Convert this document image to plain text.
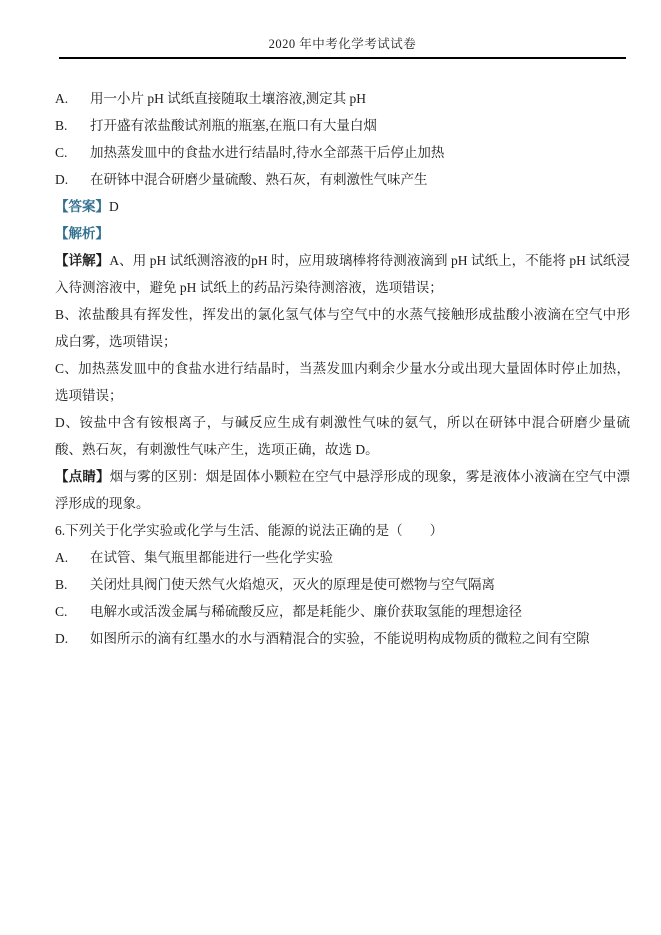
2020 年中考化学考试试卷
A. 用一小片 pH 试纸直接随取土壤溶液,测定其 pH
B. 打开盛有浓盐酸试剂瓶的瓶塞,在瓶口有大量白烟
C. 加热蒸发皿中的食盐水进行结晶时,待水全部蒸干后停止加热
D. 在研钵中混合研磨少量硫酸、熟石灰，有刺激性气味产生
【答案】D
【解析】

【详解】A、用 pH 试纸测溶液的pH 时，应用玻璃棒将待测液滴到 pH 试纸上，不能将 pH 试纸浸入待测溶液中，避免 pH 试纸上的药品污染待测溶液，选项错误；

B、浓盐酸具有挥发性，挥发出的氯化氢气体与空气中的水蒸气接触形成盐酸小液滴在空气中形成白雾，选项错误；

C、加热蒸发皿中的食盐水进行结晶时，当蒸发皿内剩余少量水分或出现大量固体时停止加热，选项错误；

D、铵盐中含有铵根离子，与碱反应生成有刺激性气味的氨气，所以在研钵中混合研磨少量硫酸、熟石灰，有刺激性气味产生，选项正确，故选 D。

【点睛】烟与雾的区别：烟是固体小颗粒在空气中悬浮形成的现象，雾是液体小液滴在空气中漂浮形成的现象。

6.下列关于化学实验或化学与生活、能源的说法正确的是（　　）
A. 在试管、集气瓶里都能进行一些化学实验
B. 关闭灶具阀门使天然气火焰熄灭，灭火的原理是使可燃物与空气隔离
C. 电解水或活泼金属与稀硫酸反应，都是耗能少、廉价获取氢能的理想途径
D. 如图所示的滴有红墨水的水与酒精混合的实验，不能说明构成物质的微粒之间有空隙
